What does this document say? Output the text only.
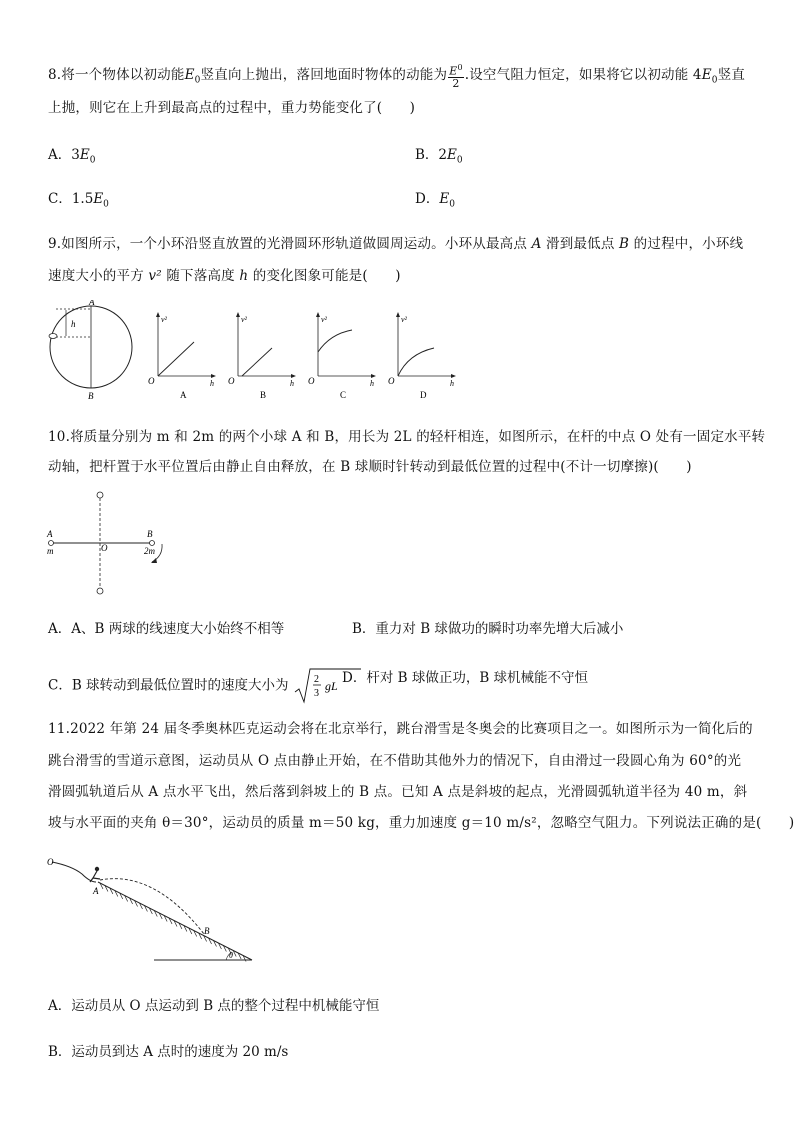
8.将一个物体以初动能$E_0$竖直向上抛出，落回地面时物体的动能为 $\frac{E^0}{2}$ .设空气阻力恒定，如果将它以初动能 $4E_0$竖直
上抛，则它在上升到最高点的过程中，重力势能变化了(　　)
A．$3E_0$	B．$2E_0$
C．$1.5E_0$	D．$E_0$
9.如图所示，一个小环沿竖直放置的光滑圆环形轨道做圆周运动。小环从最高点 A 滑到最低点 B 的过程中，小环线
速度大小的平方 v² 随下落高度 h 的变化图象可能是(　　)
A
h
B
v²
h
O
A
v²
h
O
B
v²
h
O
C
v²
h
O
D
10.将质量分别为 m 和 2m 的两个小球 A 和 B，用长为 2L 的轻杆相连，如图所示，在杆的中点 O 处有一固定水平转
动轴，把杆置于水平位置后由静止自由释放，在 B 球顺时针转动到最低位置的过程中(不计一切摩擦)(　　)
A
m	O
B
2m
A．A、B 两球的线速度大小始终不相等	B．重力对 B 球做功的瞬时功率先增大后减小
C．B 球转动到最低位置时的速度大小为	2
3
gL D．杆对 B 球做正功，B 球机械能不守恒
11.2022 年第 24 届冬季奥林匹克运动会将在北京举行，跳台滑雪是冬奥会的比赛项目之一。如图所示为一简化后的
跳台滑雪的雪道示意图，运动员从 O 点由静止开始，在不借助其他外力的情况下，自由滑过一段圆心角为 60°的光
滑圆弧轨道后从 A 点水平飞出，然后落到斜坡上的 B 点。已知 A 点是斜坡的起点，光滑圆弧轨道半径为 40 m，斜
坡与水平面的夹角 θ＝30°，运动员的质量 m＝50 kg，重力加速度 g＝10 m/s²，忽略空气阻力。下列说法正确的是(　　)
O
A
B
θ
A．运动员从 O 点运动到 B 点的整个过程中机械能守恒
B．运动员到达 A 点时的速度为 20 m/s
